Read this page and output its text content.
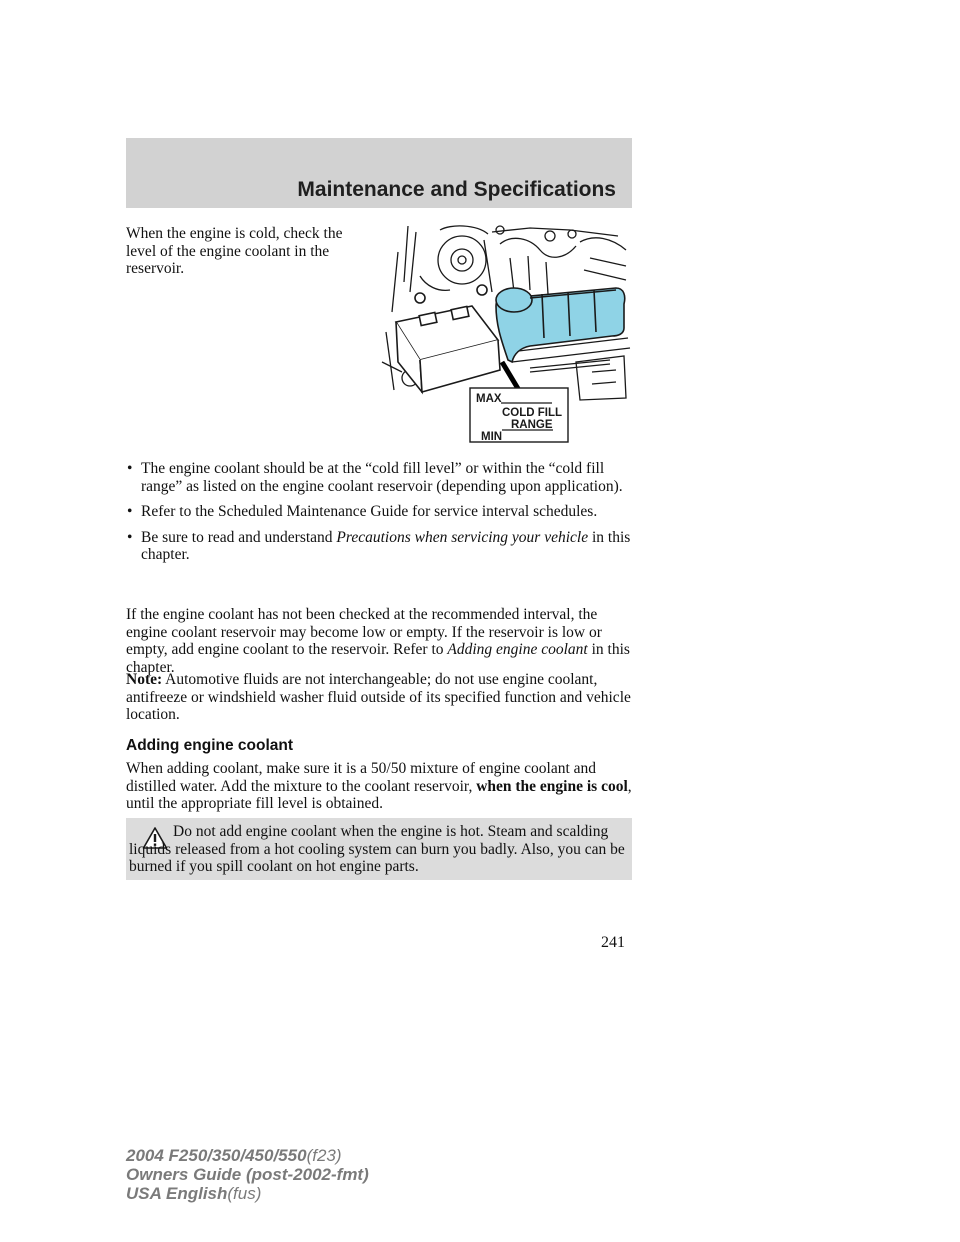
Maintenance and Specifications
When the engine is cold, check the level of the engine coolant in the reservoir.
MAX
COLD FILL
RANGE
MIN
• The engine coolant should be at the “cold fill level” or within the “cold fill range” as listed on the engine coolant reservoir (depending upon application).
• Refer to the Scheduled Maintenance Guide for service interval schedules.
• Be sure to read and understand Precautions when servicing your vehicle in this chapter.

If the engine coolant has not been checked at the recommended interval, the engine coolant reservoir may become low or empty. If the reservoir is low or empty, add engine coolant to the reservoir. Refer to Adding engine coolant in this chapter.

Note: Automotive fluids are not interchangeable; do not use engine coolant, antifreeze or windshield washer fluid outside of its specified function and vehicle location.

Adding engine coolant

When adding coolant, make sure it is a 50/50 mixture of engine coolant and distilled water. Add the mixture to the coolant reservoir, when the engine is cool, until the appropriate fill level is obtained.

Do not add engine coolant when the engine is hot. Steam and scalding liquids released from a hot cooling system can burn you badly. Also, you can be burned if you spill coolant on hot engine parts.

241
2004 F250/350/450/550(f23)
Owners Guide (post-2002-fmt)
USA English(fus)
